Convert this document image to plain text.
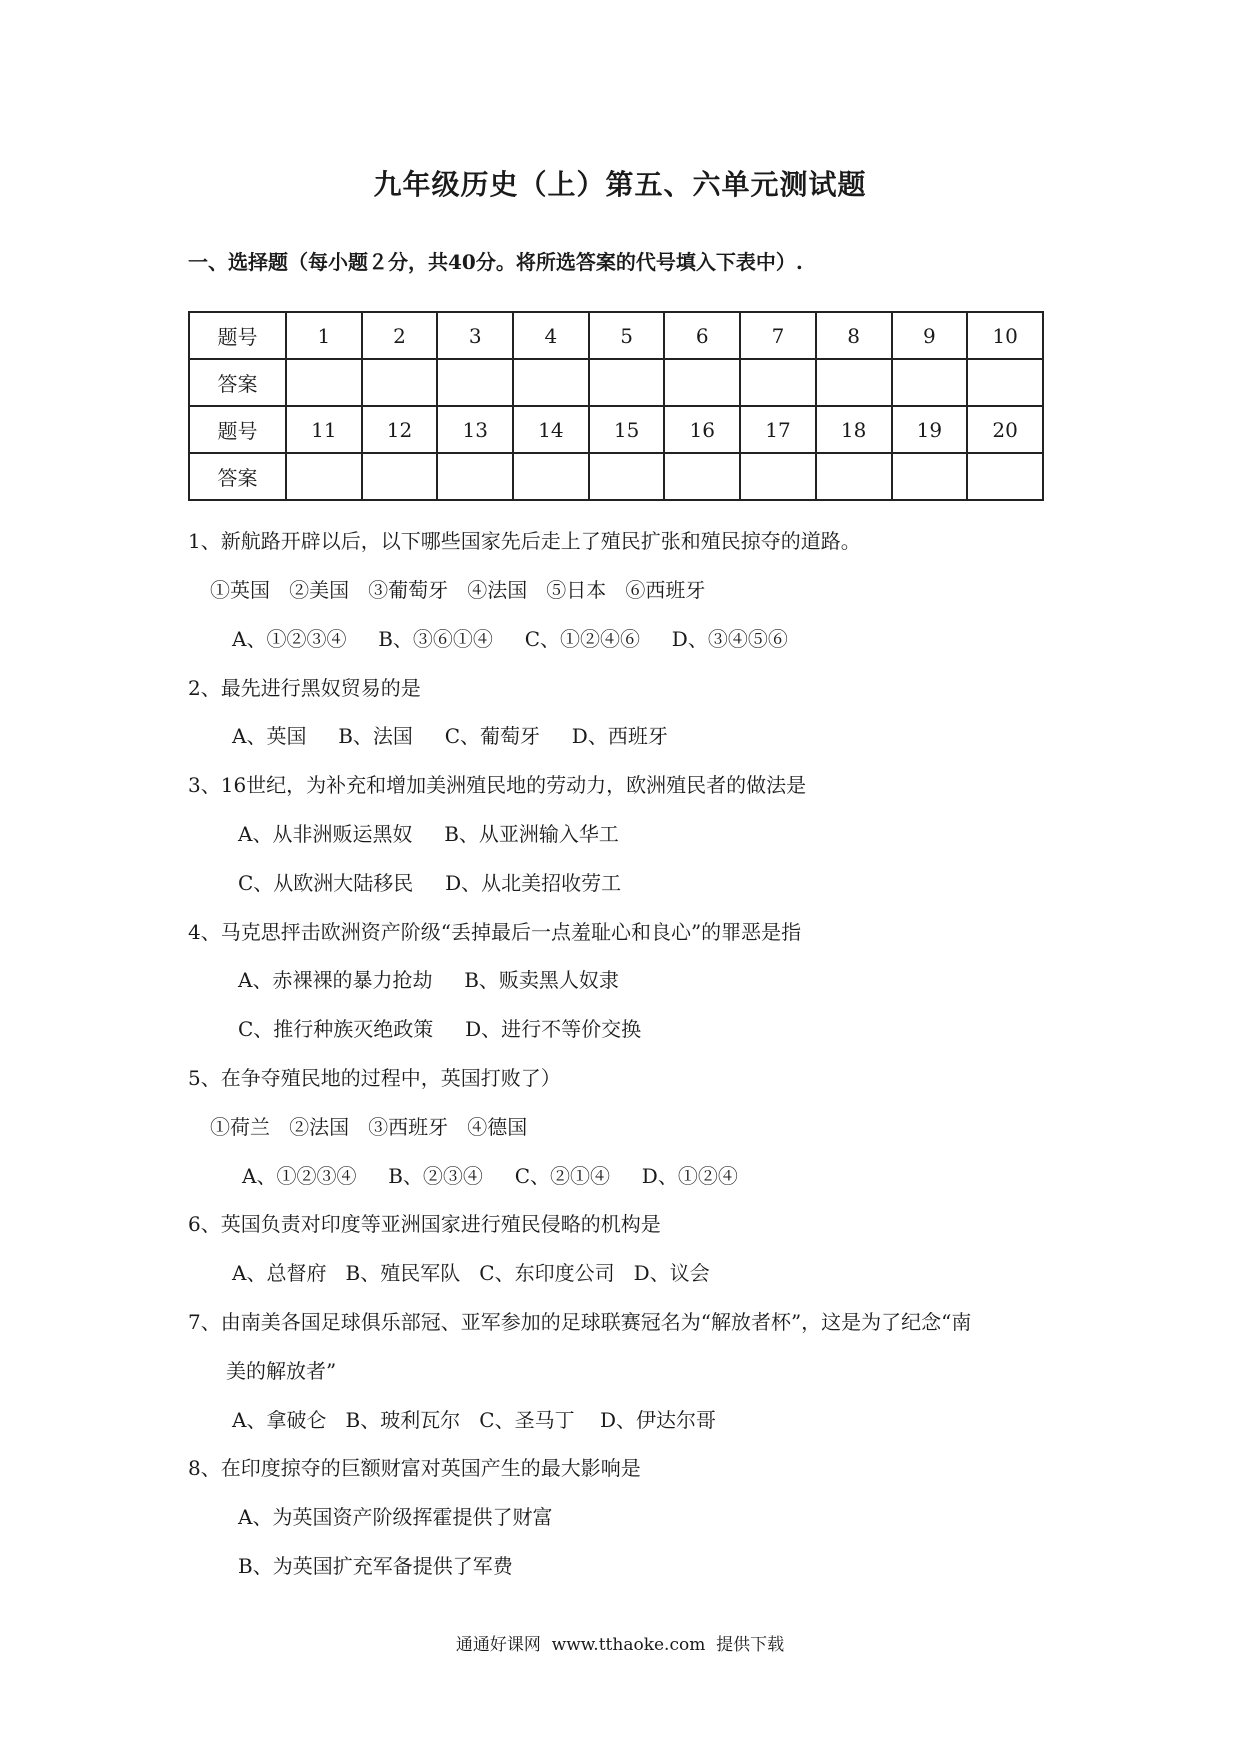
九年级历史（上）第五、六单元测试题
一、选择题（每小题２分，共40分。将所选答案的代号填入下表中）.
题号	1	2	3	4	5	6	7	8	9	10
答案										
题号	11	12	13	14	15	16	17	18	19	20
答案										
1、新航路开辟以后，以下哪些国家先后走上了殖民扩张和殖民掠夺的道路。
①英国   ②美国   ③葡萄牙   ④法国   ⑤日本   ⑥西班牙
A、①②③④     B、③⑥①④     C、①②④⑥     D、③④⑤⑥
2、最先进行黑奴贸易的是
A、英国     B、法国     C、葡萄牙     D、西班牙
3、16世纪，为补充和增加美洲殖民地的劳动力，欧洲殖民者的做法是
A、从非洲贩运黑奴     B、从亚洲输入华工
C、从欧洲大陆移民     D、从北美招收劳工
4、马克思抨击欧洲资产阶级“丢掉最后一点羞耻心和良心”的罪恶是指
A、赤裸裸的暴力抢劫     B、贩卖黑人奴隶
C、推行种族灭绝政策     D、进行不等价交换
5、在争夺殖民地的过程中，英国打败了）
①荷兰   ②法国   ③西班牙   ④德国
A、①②③④     B、②③④     C、②①④     D、①②④
6、英国负责对印度等亚洲国家进行殖民侵略的机构是
A、总督府   B、殖民军队   C、东印度公司   D、议会
7、由南美各国足球俱乐部冠、亚军参加的足球联赛冠名为“解放者杯”，这是为了纪念“南
美的解放者”
A、拿破仑   B、玻利瓦尔   C、圣马丁    D、伊达尔哥
8、在印度掠夺的巨额财富对英国产生的最大影响是
A、为英国资产阶级挥霍提供了财富
B、为英国扩充军备提供了军费
通通好课网  www.tthaoke.com  提供下载
